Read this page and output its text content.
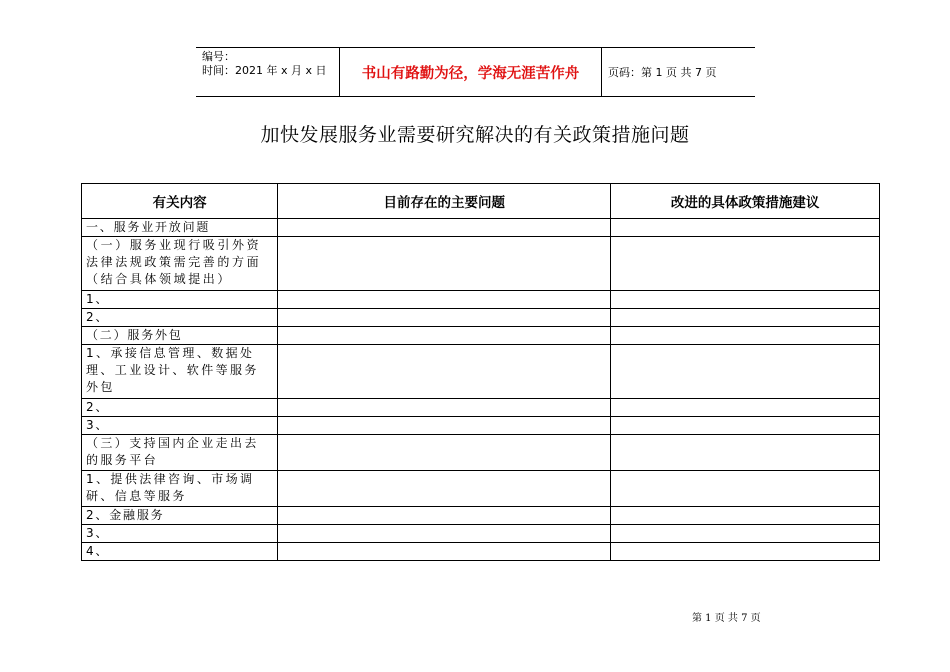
编号：
时间：2021 年 x 月 x 日	书山有路勤为径，学海无涯苦作舟	页码：第 1 页 共 7 页
加快发展服务业需要研究解决的有关政策措施问题
有关内容	目前存在的主要问题	改进的具体政策措施建议
一、服务业开放问题		
（一）服务业现行吸引外资法律法规政策需完善的方面（结合具体领域提出）		
1、		
2、		
（二）服务外包		
1、承接信息管理、数据处理、工业设计、软件等服务外包		
2、		
3、		
（三）支持国内企业走出去的服务平台		
1、提供法律咨询、市场调研、信息等服务		
2、金融服务		
3、		
4、		
第 1 页 共 7 页
